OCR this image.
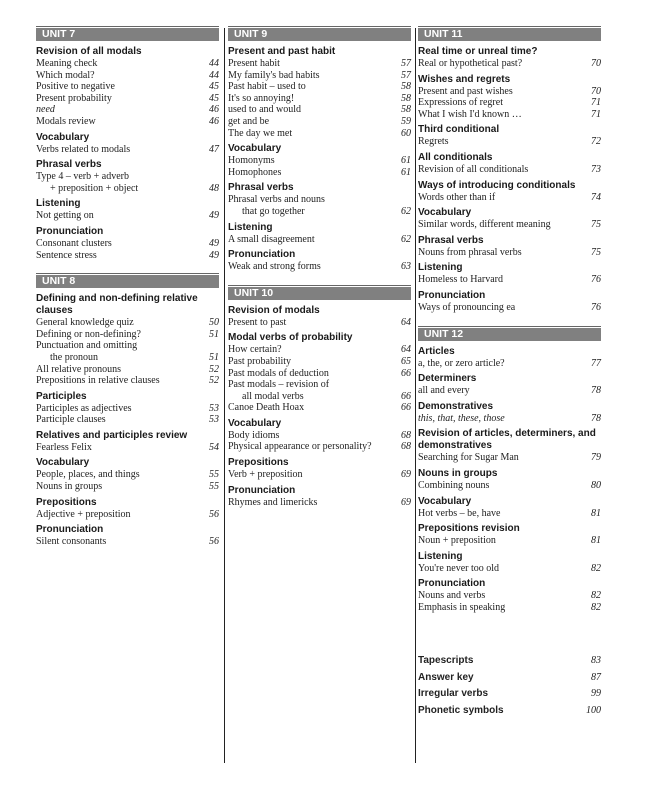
UNIT 7
Revision of all modals
Meaning check	44
Which modal?	44
Positive to negative	45
Present probability	45
need	46
Modals review	46
Vocabulary
Verbs related to modals	47
Phrasal verbs
Type 4 – verb + adverb
+ preposition + object	48
Listening
Not getting on	49
Pronunciation
Consonant clusters	49
Sentence stress	49
UNIT 8
Defining and non-defining relative clauses
General knowledge quiz	50
Defining or non-defining?	51
Punctuation and omitting
the pronoun	51
All relative pronouns	52
Prepositions in relative clauses	52
Participles
Participles as adjectives	53
Participle clauses	53
Relatives and participles review
Fearless Felix	54
Vocabulary
People, places, and things	55
Nouns in groups	55
Prepositions
Adjective + preposition	56
Pronunciation
Silent consonants	56
UNIT 9
Present and past habit
Present habit	57
My family's bad habits	57
Past habit – used to	58
It's so annoying!	58
used to and would	58
get and be	59
The day we met	60
Vocabulary
Homonyms	61
Homophones	61
Phrasal verbs
Phrasal verbs and nouns
that go together	62
Listening
A small disagreement	62
Pronunciation
Weak and strong forms	63
UNIT 10
Revision of modals
Present to past	64
Modal verbs of probability
How certain?	64
Past probability	65
Past modals of deduction	66
Past modals – revision of
all modal verbs	66
Canoe Death Hoax	66
Vocabulary
Body idioms	68
Physical appearance or personality?	68
Prepositions
Verb + preposition	69
Pronunciation
Rhymes and limericks	69
UNIT 11
Real time or unreal time?
Real or hypothetical past?	70
Wishes and regrets
Present and past wishes	70
Expressions of regret	71
What I wish I'd known …	71
Third conditional
Regrets	72
All conditionals
Revision of all conditionals	73
Ways of introducing conditionals
Words other than if	74
Vocabulary
Similar words, different meaning	75
Phrasal verbs
Nouns from phrasal verbs	75
Listening
Homeless to Harvard	76
Pronunciation
Ways of pronouncing ea	76
UNIT 12
Articles
a, the, or zero article?	77
Determiners
all and every	78
Demonstratives
this, that, these, those	78
Revision of articles, determiners, and demonstratives
Searching for Sugar Man	79
Nouns in groups
Combining nouns	80
Vocabulary
Hot verbs – be, have	81
Prepositions revision
Noun + preposition	81
Listening
You're never too old	82
Pronunciation
Nouns and verbs	82
Emphasis in speaking	82
Tapescripts	83
Answer key	87
Irregular verbs	99
Phonetic symbols	100
